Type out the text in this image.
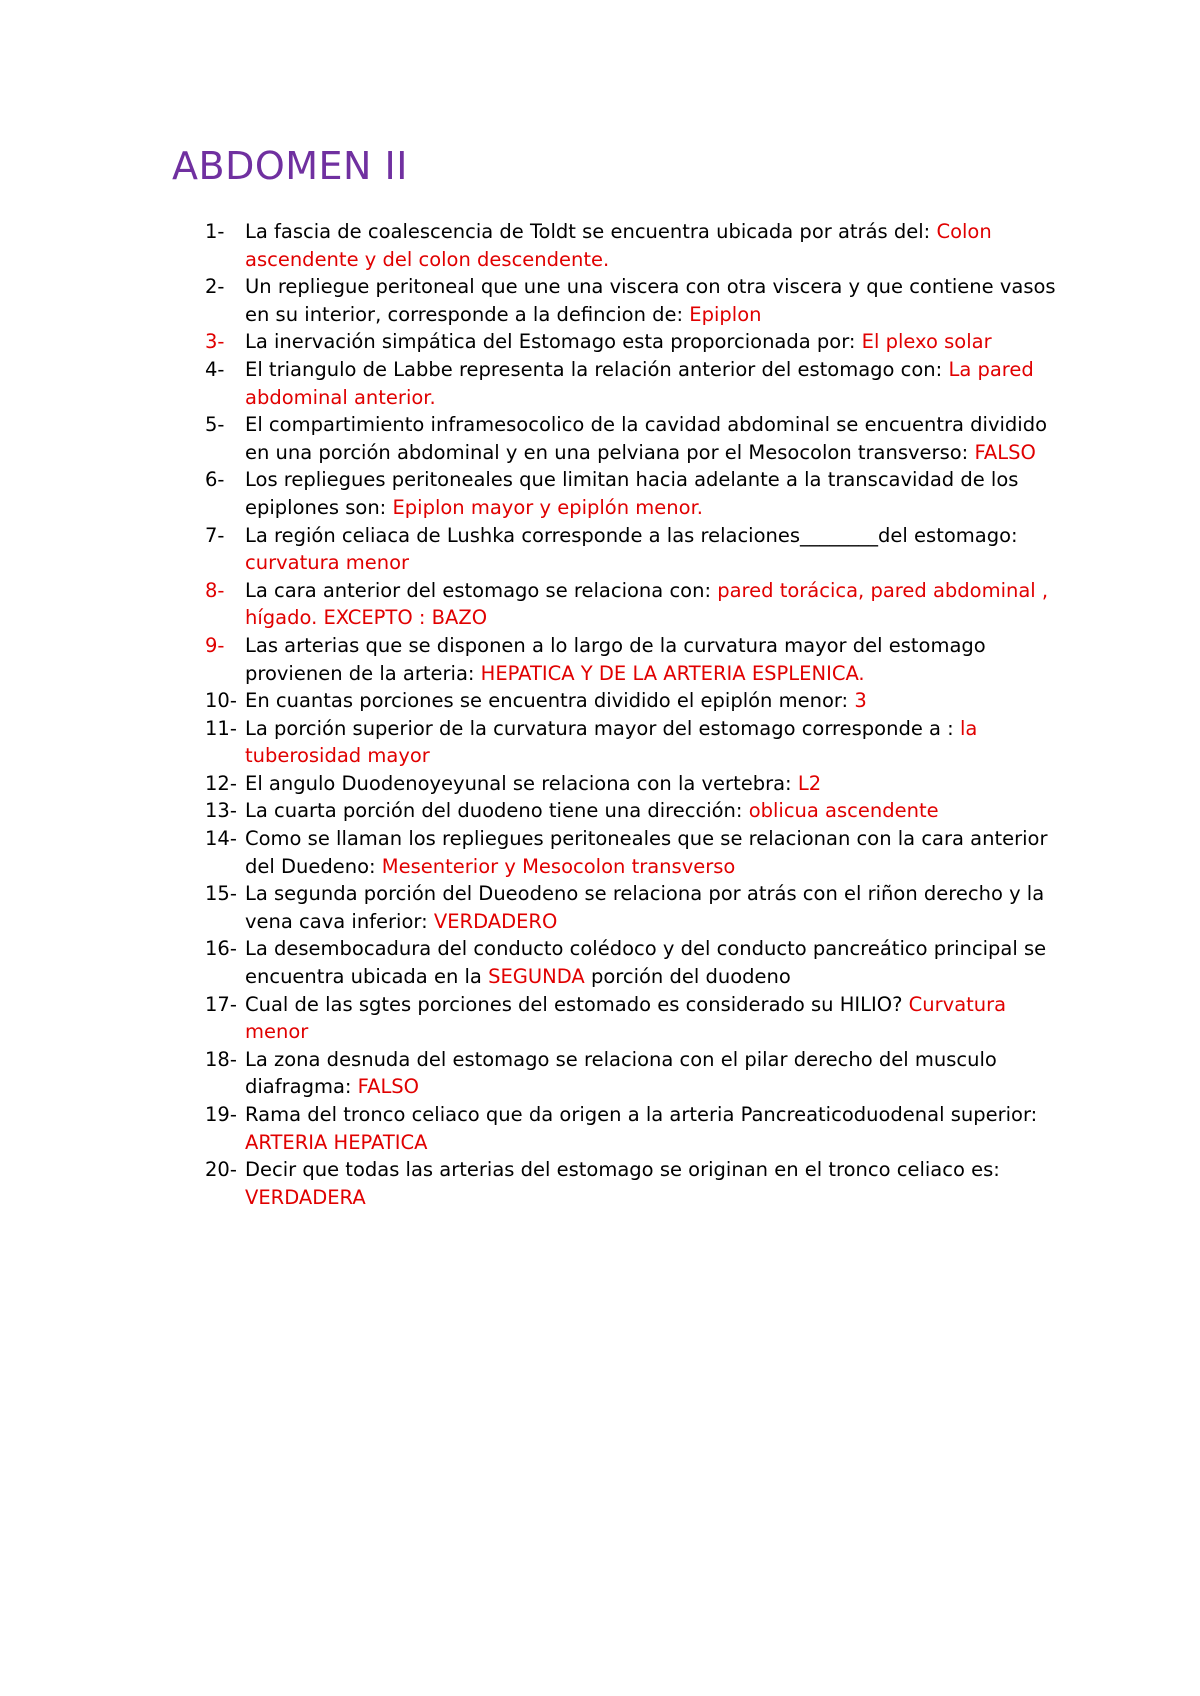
ABDOMEN II
1-	La fascia de coalescencia de Toldt se encuentra ubicada por atrás del: Colon ascendente y del colon descendente.
2-	Un repliegue peritoneal que une una viscera con otra viscera y que contiene vasos en su interior, corresponde a la defincion de: Epiplon
3-	La inervación simpática del Estomago esta proporcionada por: El plexo solar
4-	El triangulo de Labbe representa la relación anterior del estomago con: La pared abdominal anterior.
5-	El compartimiento inframesocolico de la cavidad abdominal se encuentra dividido en una porción abdominal y en una pelviana por el Mesocolon transverso: FALSO
6-	Los repliegues peritoneales que limitan hacia adelante a la transcavidad de los epiplones son: Epiplon mayor y epiplón menor.
7-	La región celiaca de Lushka corresponde a las relaciones________del estomago: curvatura menor
8-	La cara anterior del estomago se relaciona con: pared torácica, pared abdominal , hígado. EXCEPTO : BAZO
9-	Las arterias que se disponen a lo largo de la curvatura mayor del estomago provienen de la arteria: HEPATICA Y DE LA ARTERIA ESPLENICA.
10- En cuantas porciones se encuentra dividido el epiplón menor: 3
11- La porción superior de la curvatura mayor del estomago corresponde a : la tuberosidad mayor
12- El angulo Duodenoyeyunal se relaciona con la vertebra: L2
13- La cuarta porción del duodeno tiene una dirección: oblicua ascendente
14- Como se llaman los repliegues peritoneales que se relacionan con la cara anterior del Duedeno: Mesenterior y Mesocolon transverso
15- La segunda porción del Dueodeno se relaciona por atrás con el riñon derecho y la vena cava inferior: VERDADERO
16- La desembocadura del conducto colédoco y del conducto pancreático principal se encuentra ubicada en la SEGUNDA porción del duodeno
17- Cual de las sgtes porciones del estomado es considerado su HILIO? Curvatura menor
18- La zona desnuda del estomago se relaciona con el pilar derecho del musculo diafragma: FALSO
19- Rama del tronco celiaco que da origen a la arteria Pancreaticoduodenal superior: ARTERIA HEPATICA
20- Decir que todas las arterias del estomago se originan en el tronco celiaco es: VERDADERA
